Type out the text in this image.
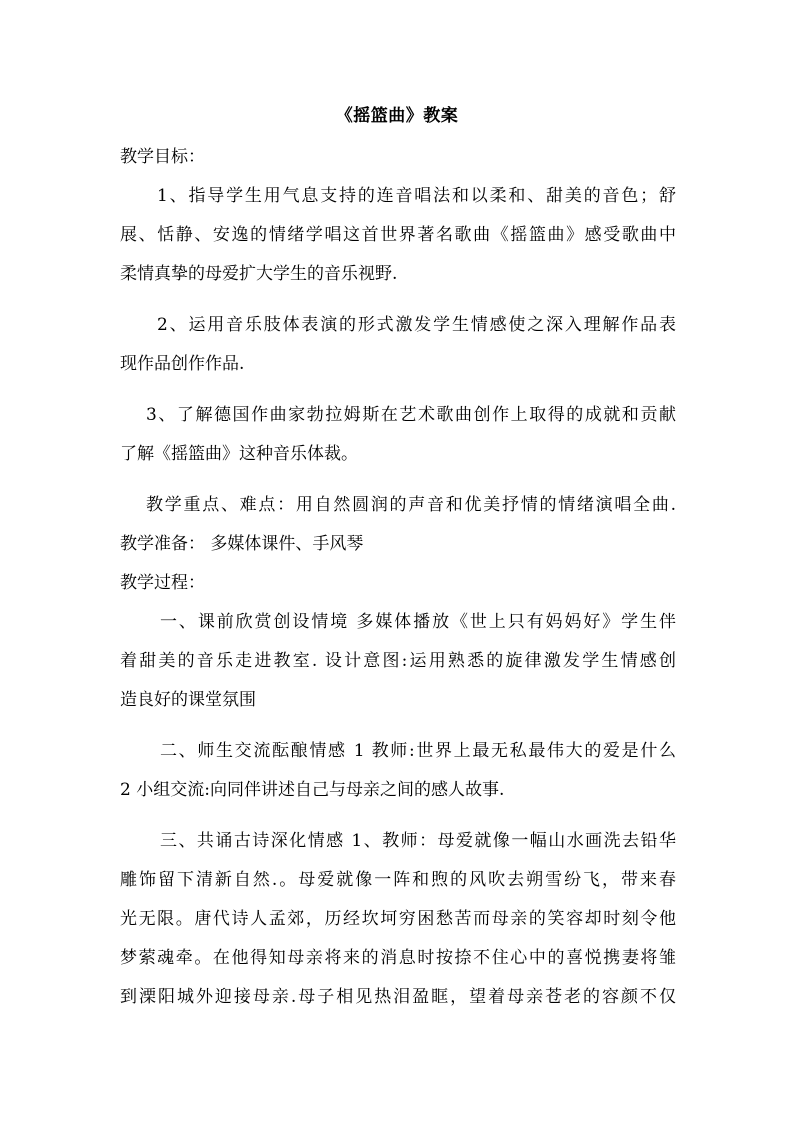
《摇篮曲》教案
教学目标：
1、指导学生用气息支持的连音唱法和以柔和、甜美的音色；舒
展、恬静、安逸的情绪学唱这首世界著名歌曲《摇篮曲》感受歌曲中
柔情真挚的母爱扩大学生的音乐视野.
2、运用音乐肢体表演的形式激发学生情感使之深入理解作品表
现作品创作作品.
3、了解德国作曲家勃拉姆斯在艺术歌曲创作上取得的成就和贡献
了解《摇篮曲》这种音乐体裁。
教学重点、难点：用自然圆润的声音和优美抒情的情绪演唱全曲.
教学准备： 多媒体课件、手风琴
教学过程：
一、课前欣赏创设情境 多媒体播放《世上只有妈妈好》学生伴
着甜美的音乐走进教室. 设计意图:运用熟悉的旋律激发学生情感创
造良好的课堂氛围
二、师生交流酝酿情感 1 教师:世界上最无私最伟大的爱是什么
2 小组交流:向同伴讲述自己与母亲之间的感人故事.
三、共诵古诗深化情感 1、教师：母爱就像一幅山水画洗去铅华
雕饰留下清新自然.。母爱就像一阵和煦的风吹去朔雪纷飞，带来春
光无限。唐代诗人孟郊，历经坎坷穷困愁苦而母亲的笑容却时刻令他
梦萦魂牵。在他得知母亲将来的消息时按捺不住心中的喜悦携妻将雏
到溧阳城外迎接母亲.母子相见热泪盈眶，望着母亲苍老的容颜不仅
